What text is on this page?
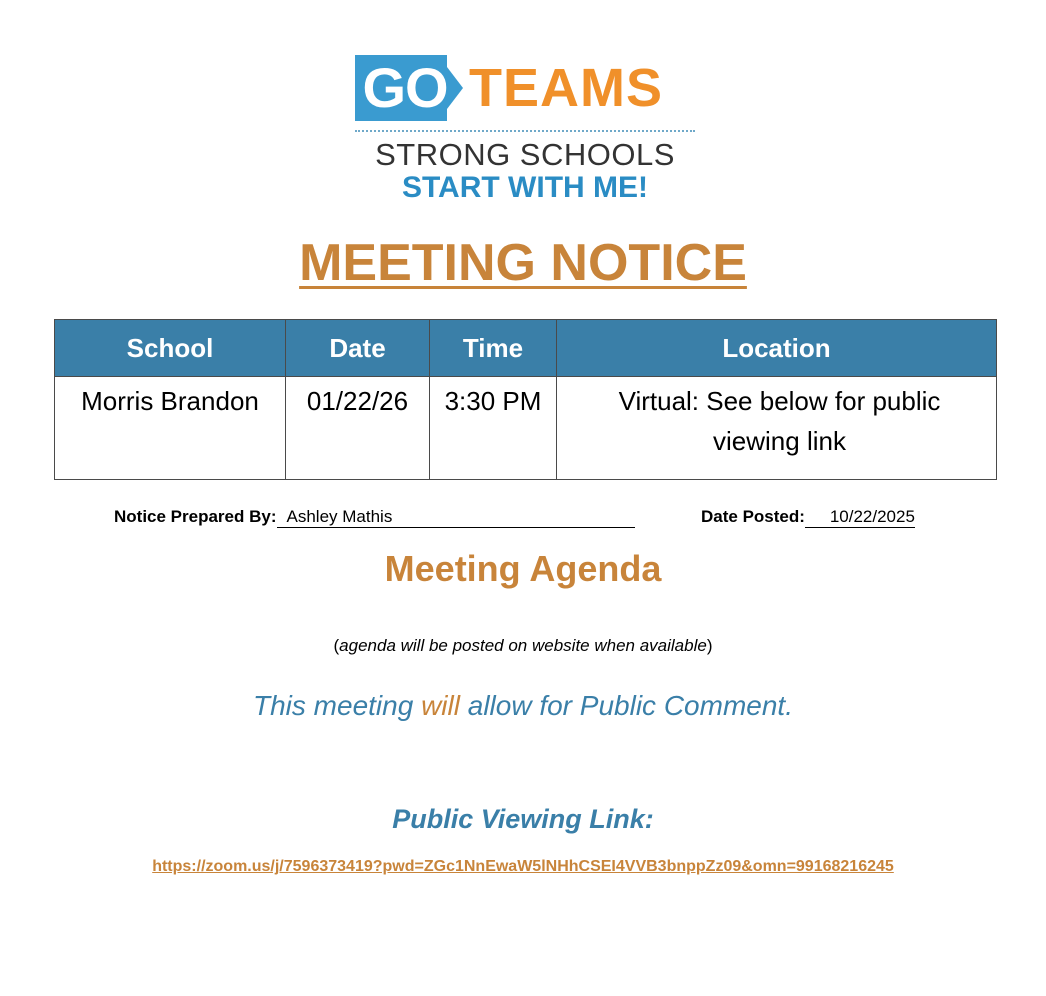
GO TEAMS
STRONG SCHOOLS
START WITH ME!
MEETING NOTICE
School	Date	Time	Location
Morris Brandon	01/22/26	3:30 PM	Virtual: See below for public viewing link
Notice Prepared By: Ashley Mathis	Date Posted: 10/22/2025
Meeting Agenda
(agenda will be posted on website when available)
This meeting will allow for Public Comment.
Public Viewing Link:
https://zoom.us/j/7596373419?pwd=ZGc1NnEwaW5lNHhCSEI4VVB3bnppZz09&omn=99168216245
